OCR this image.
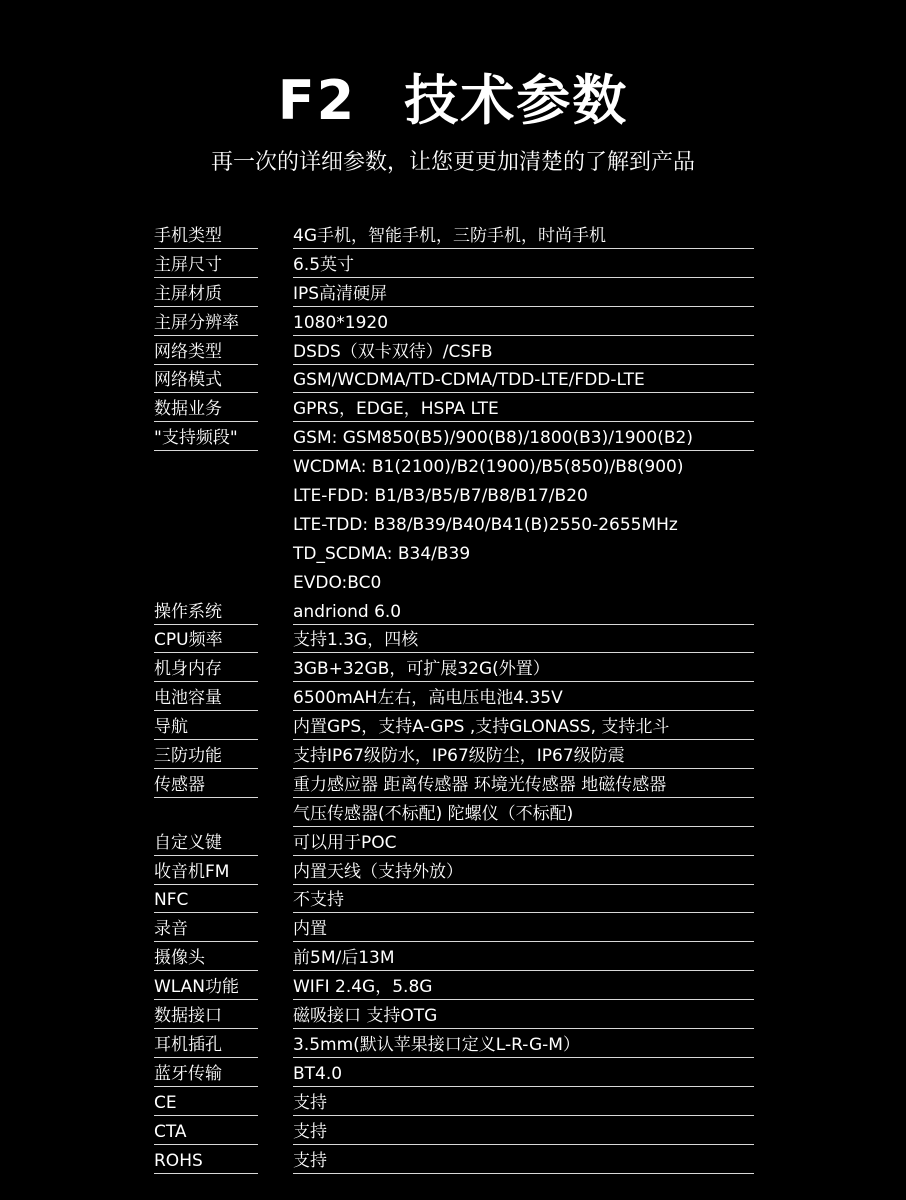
F2 技术参数
再一次的详细参数，让您更更加清楚的了解到产品
手机类型	4G手机，智能手机，三防手机，时尚手机
主屏尺寸	6.5英寸
主屏材质	IPS高清硬屏
主屏分辨率	1080*1920
网络类型	DSDS（双卡双待）/CSFB
网络模式	GSM/WCDMA/TD-CDMA/TDD-LTE/FDD-LTE
数据业务	GPRS，EDGE，HSPA LTE
"支持频段"	GSM: GSM850(B5)/900(B8)/1800(B3)/1900(B2)
WCDMA: B1(2100)/B2(1900)/B5(850)/B8(900)
LTE-FDD: B1/B3/B5/B7/B8/B17/B20
LTE-TDD: B38/B39/B40/B41(B)2550-2655MHz
TD_SCDMA: B34/B39
EVDO:BC0
操作系统	andriond 6.0
CPU频率	支持1.3G，四核
机身内存	3GB+32GB，可扩展32G(外置）
电池容量	6500mAH左右，高电压电池4.35V
导航	内置GPS，支持A-GPS ,支持GLONASS, 支持北斗
三防功能	支持IP67级防水，IP67级防尘，IP67级防震
传感器	重力感应器 距离传感器 环境光传感器 地磁传感器
气压传感器(不标配) 陀螺仪（不标配)
自定义键	可以用于POC
收音机FM	内置天线（支持外放）
NFC	不支持
录音	内置
摄像头	前5M/后13M
WLAN功能	WIFI 2.4G，5.8G
数据接口	磁吸接口 支持OTG
耳机插孔	3.5mm(默认苹果接口定义L-R-G-M）
蓝牙传输	BT4.0
CE	支持
CTA	支持
ROHS	支持
